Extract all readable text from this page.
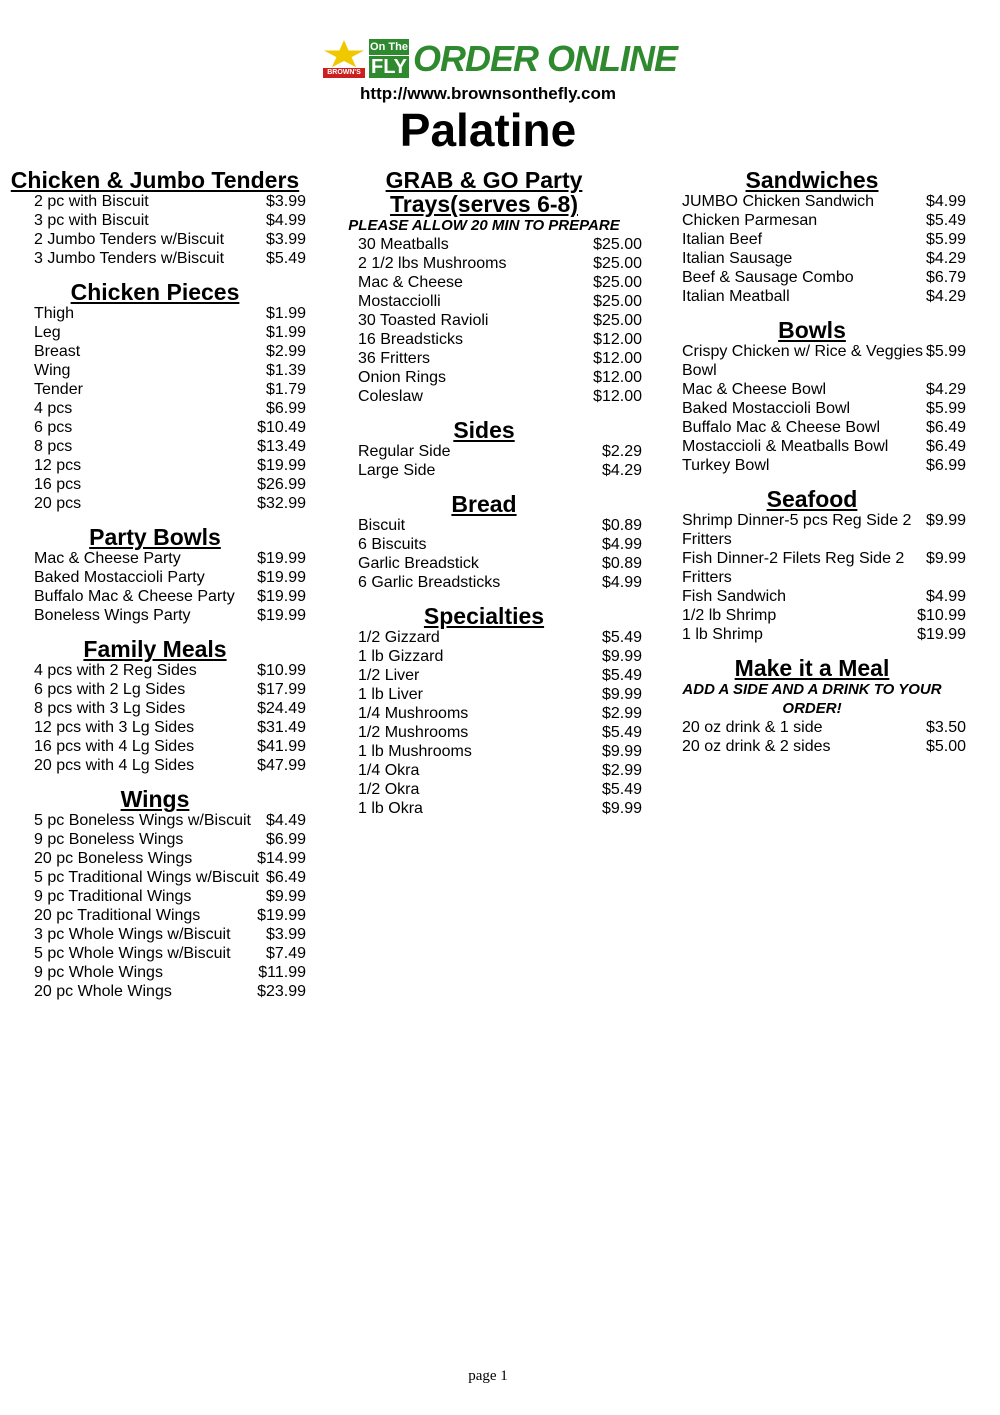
BROWN'S
On The
FLY ORDER ONLINE
http://www.brownsonthefly.com
Palatine
Chicken & Jumbo Tenders
2 pc with Biscuit	$3.99
3 pc with Biscuit	$4.99
2 Jumbo Tenders w/Biscuit	$3.99
3 Jumbo Tenders w/Biscuit	$5.49
Chicken Pieces
Thigh	$1.99
Leg	$1.99
Breast	$2.99
Wing	$1.39
Tender	$1.79
4 pcs	$6.99
6 pcs	$10.49
8 pcs	$13.49
12 pcs	$19.99
16 pcs	$26.99
20 pcs	$32.99
Party Bowls
Mac & Cheese Party	$19.99
Baked Mostaccioli Party	$19.99
Buffalo Mac & Cheese Party	$19.99
Boneless Wings Party	$19.99
Family Meals
4 pcs with 2 Reg Sides	$10.99
6 pcs with 2 Lg Sides	$17.99
8 pcs with 3 Lg Sides	$24.49
12 pcs with 3 Lg Sides	$31.49
16 pcs with 4 Lg Sides	$41.99
20 pcs with 4 Lg Sides	$47.99
Wings
5 pc Boneless Wings w/Biscuit $4.49
9 pc Boneless Wings	$6.99
20 pc Boneless Wings	$14.99
5 pc Traditional Wings w/Biscuit $6.49
9 pc Traditional Wings	$9.99
20 pc Traditional Wings	$19.99
3 pc Whole Wings w/Biscuit	$3.99
5 pc Whole Wings w/Biscuit	$7.49
9 pc Whole Wings	$11.99
20 pc Whole Wings	$23.99
GRAB & GO Party Trays(serves 6-8)
PLEASE ALLOW 20 MIN TO PREPARE
30 Meatballs	$25.00
2 1/2 lbs Mushrooms	$25.00
Mac & Cheese	$25.00
Mostacciolli	$25.00
30 Toasted Ravioli	$25.00
16 Breadsticks	$12.00
36 Fritters	$12.00
Onion Rings	$12.00
Coleslaw	$12.00
Sides
Regular Side	$2.29
Large Side	$4.29
Bread
Biscuit	$0.89
6 Biscuits	$4.99
Garlic Breadstick	$0.89
6 Garlic Breadsticks	$4.99
Specialties
1/2 Gizzard	$5.49
1 lb Gizzard	$9.99
1/2 Liver	$5.49
1 lb Liver	$9.99
1/4 Mushrooms	$2.99
1/2 Mushrooms	$5.49
1 lb Mushrooms	$9.99
1/4 Okra	$2.99
1/2 Okra	$5.49
1 lb Okra	$9.99
Sandwiches
JUMBO Chicken Sandwich	$4.99
Chicken Parmesan	$5.49
Italian Beef	$5.99
Italian Sausage	$4.29
Beef & Sausage Combo	$6.79
Italian Meatball	$4.29
Bowls
Crispy Chicken w/ Rice & Veggies Bowl
$5.99
Mac & Cheese Bowl	$4.29
Baked Mostaccioli Bowl	$5.99
Buffalo Mac & Cheese Bowl	$6.49
Mostaccioli & Meatballs Bowl	$6.49
Turkey Bowl	$6.99
Seafood
Shrimp Dinner-5 pcs Reg Side 2 Fritters
$9.99
Fish Dinner-2 Filets Reg Side 2 Fritters
$9.99
Fish Sandwich	$4.99
1/2 lb Shrimp	$10.99
1 lb Shrimp	$19.99
Make it a Meal
ADD A SIDE AND A DRINK TO YOUR ORDER!
20 oz drink & 1 side	$3.50
20 oz drink & 2 sides	$5.00
page 1
